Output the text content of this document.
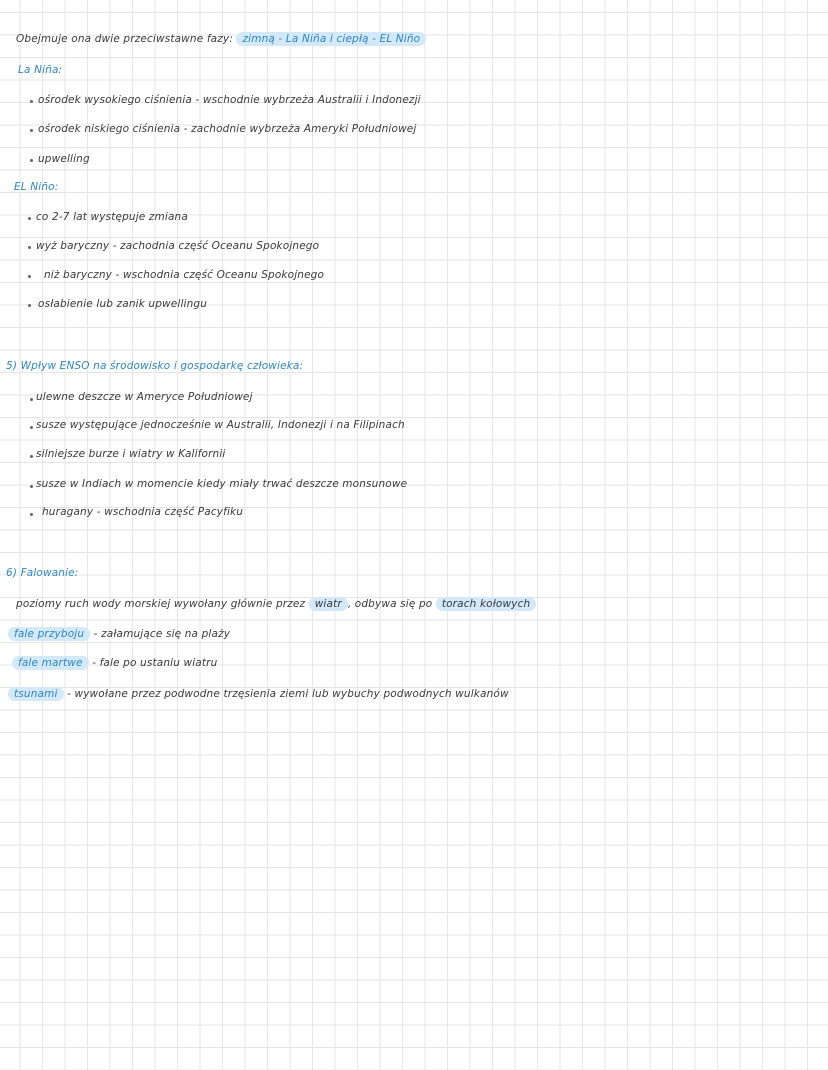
Obejmuje ona dwie przeciwstawne fazy: zimną - La Niña i ciepłą - EL Niño
La Niña:
ośrodek wysokiego ciśnienia - wschodnie wybrzeża Australii i Indonezji
ośrodek niskiego ciśnienia - zachodnie wybrzeża Ameryki Południowej
upwelling
EL Niño:
co 2-7 lat występuje zmiana
wyż baryczny - zachodnia część Oceanu Spokojnego
niż baryczny - wschodnia część Oceanu Spokojnego
osłabienie lub zanik upwellingu
5) Wpływ ENSO na środowisko i gospodarkę człowieka:
ulewne deszcze w Ameryce Południowej
susze występujące jednocześnie w Australii, Indonezji i na Filipinach
silniejsze burze i wiatry w Kalifornii
susze w Indiach w momencie kiedy miały trwać deszcze monsunowe
huragany - wschodnia część Pacyfiku
6) Falowanie:
poziomy ruch wody morskiej wywołany głównie przez wiatr , odbywa się po torach kołowych
fale przyboju - załamujące się na plaży
fale martwe - fale po ustaniu wiatru
tsunami - wywołane przez podwodne trzęsienia ziemi lub wybuchy podwodnych wulkanów
